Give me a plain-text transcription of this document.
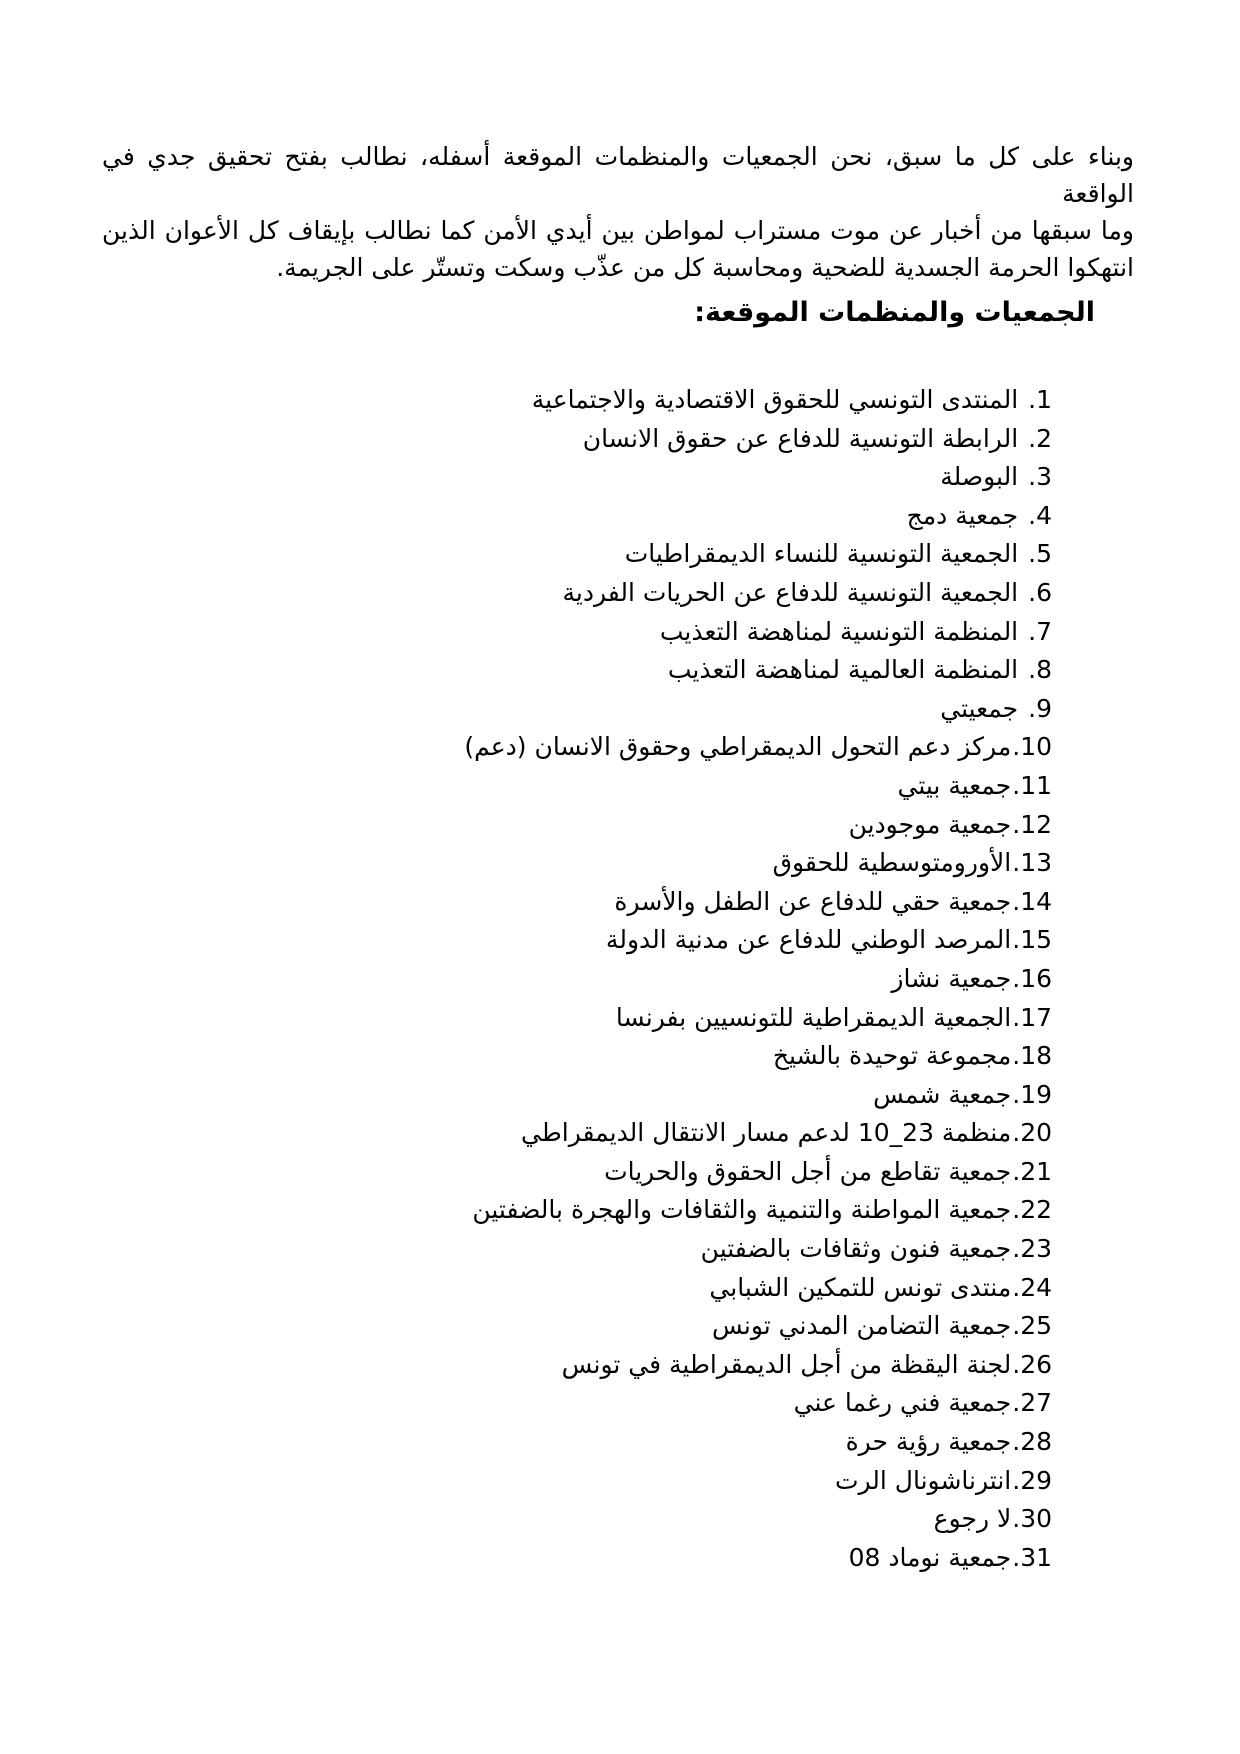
وبناء على كل ما سبق، نحن الجمعيات والمنظمات الموقعة أسفله، نطالب بفتح تحقيق جدي في الواقعة
وما سبقها من أخبار عن موت مستراب لمواطن بين أيدي الأمن كما نطالب بإيقاف كل الأعوان الذين
انتهكوا الحرمة الجسدية للضحية ومحاسبة كل من عذّب وسكت وتستّر على الجريمة.
الجمعيات والمنظمات الموقعة:
1.المنتدى التونسي للحقوق الاقتصادية والاجتماعية
2.الرابطة التونسية للدفاع عن حقوق الانسان
3.البوصلة
4.جمعية دمج
5.الجمعية التونسية للنساء الديمقراطيات
6.الجمعية التونسية للدفاع عن الحريات الفردية
7.المنظمة التونسية لمناهضة التعذيب
8.المنظمة العالمية لمناهضة التعذيب
9.جمعيتي
10.مركز دعم التحول الديمقراطي وحقوق الانسان (دعم)
11.جمعية بيتي
12.جمعية موجودين
13.الأورومتوسطية للحقوق
14.جمعية حقي للدفاع عن الطفل والأسرة
15.المرصد الوطني للدفاع عن مدنية الدولة
16.جمعية نشاز
17.الجمعية الديمقراطية للتونسيين بفرنسا
18.مجموعة توحيدة بالشيخ
19.جمعية شمس
20.منظمة 23_10 لدعم مسار الانتقال الديمقراطي
21.جمعية تقاطع من أجل الحقوق والحريات
22.جمعية المواطنة والتنمية والثقافات والهجرة بالضفتين
23.جمعية فنون وثقافات بالضفتين
24.منتدى تونس للتمكين الشبابي
25.جمعية التضامن المدني تونس
26.لجنة اليقظة من أجل الديمقراطية في تونس
27.جمعية فني رغما عني
28.جمعية رؤية حرة
29.انترناشونال الرت
30.لا رجوع
31.جمعية نوماد 08
